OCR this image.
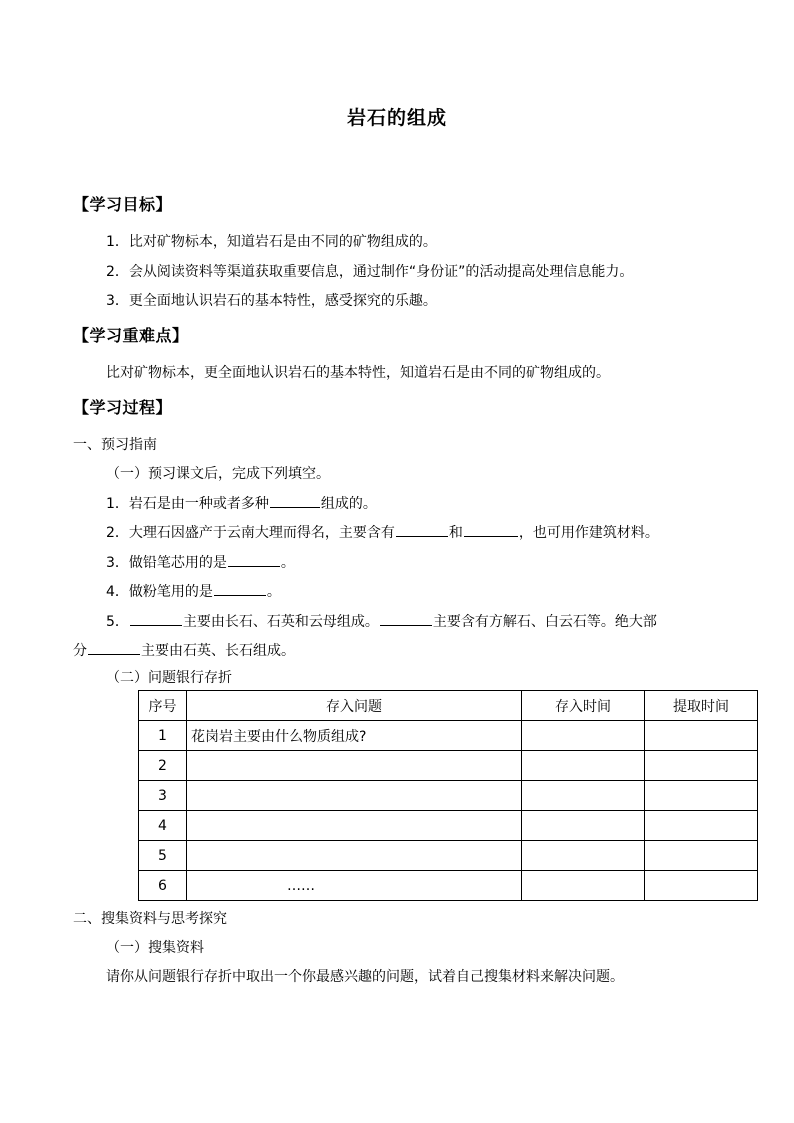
岩石的组成
【学习目标】
1．比对矿物标本，知道岩石是由不同的矿物组成的。
2．会从阅读资料等渠道获取重要信息，通过制作“身份证”的活动提高处理信息能力。
3．更全面地认识岩石的基本特性，感受探究的乐趣。
【学习重难点】
比对矿物标本，更全面地认识岩石的基本特性，知道岩石是由不同的矿物组成的。
【学习过程】
一、预习指南
（一）预习课文后，完成下列填空。
1．岩石是由一种或者多种	组成的。
2．大理石因盛产于云南大理而得名，主要含有	和	，也可用作建筑材料。
3．做铅笔芯用的是	。
4．做粉笔用的是	。
5．	主要由长石、石英和云母组成。	主要含有方解石、白云石等。绝大部
分	主要由石英、长石组成。
（二）问题银行存折
序号	存入问题	存入时间	提取时间
1	花岗岩主要由什么物质组成?		
2			
3			
4			
5			
6	……		
二、搜集资料与思考探究
（一）搜集资料
请你从问题银行存折中取出一个你最感兴趣的问题，试着自己搜集材料来解决问题。
